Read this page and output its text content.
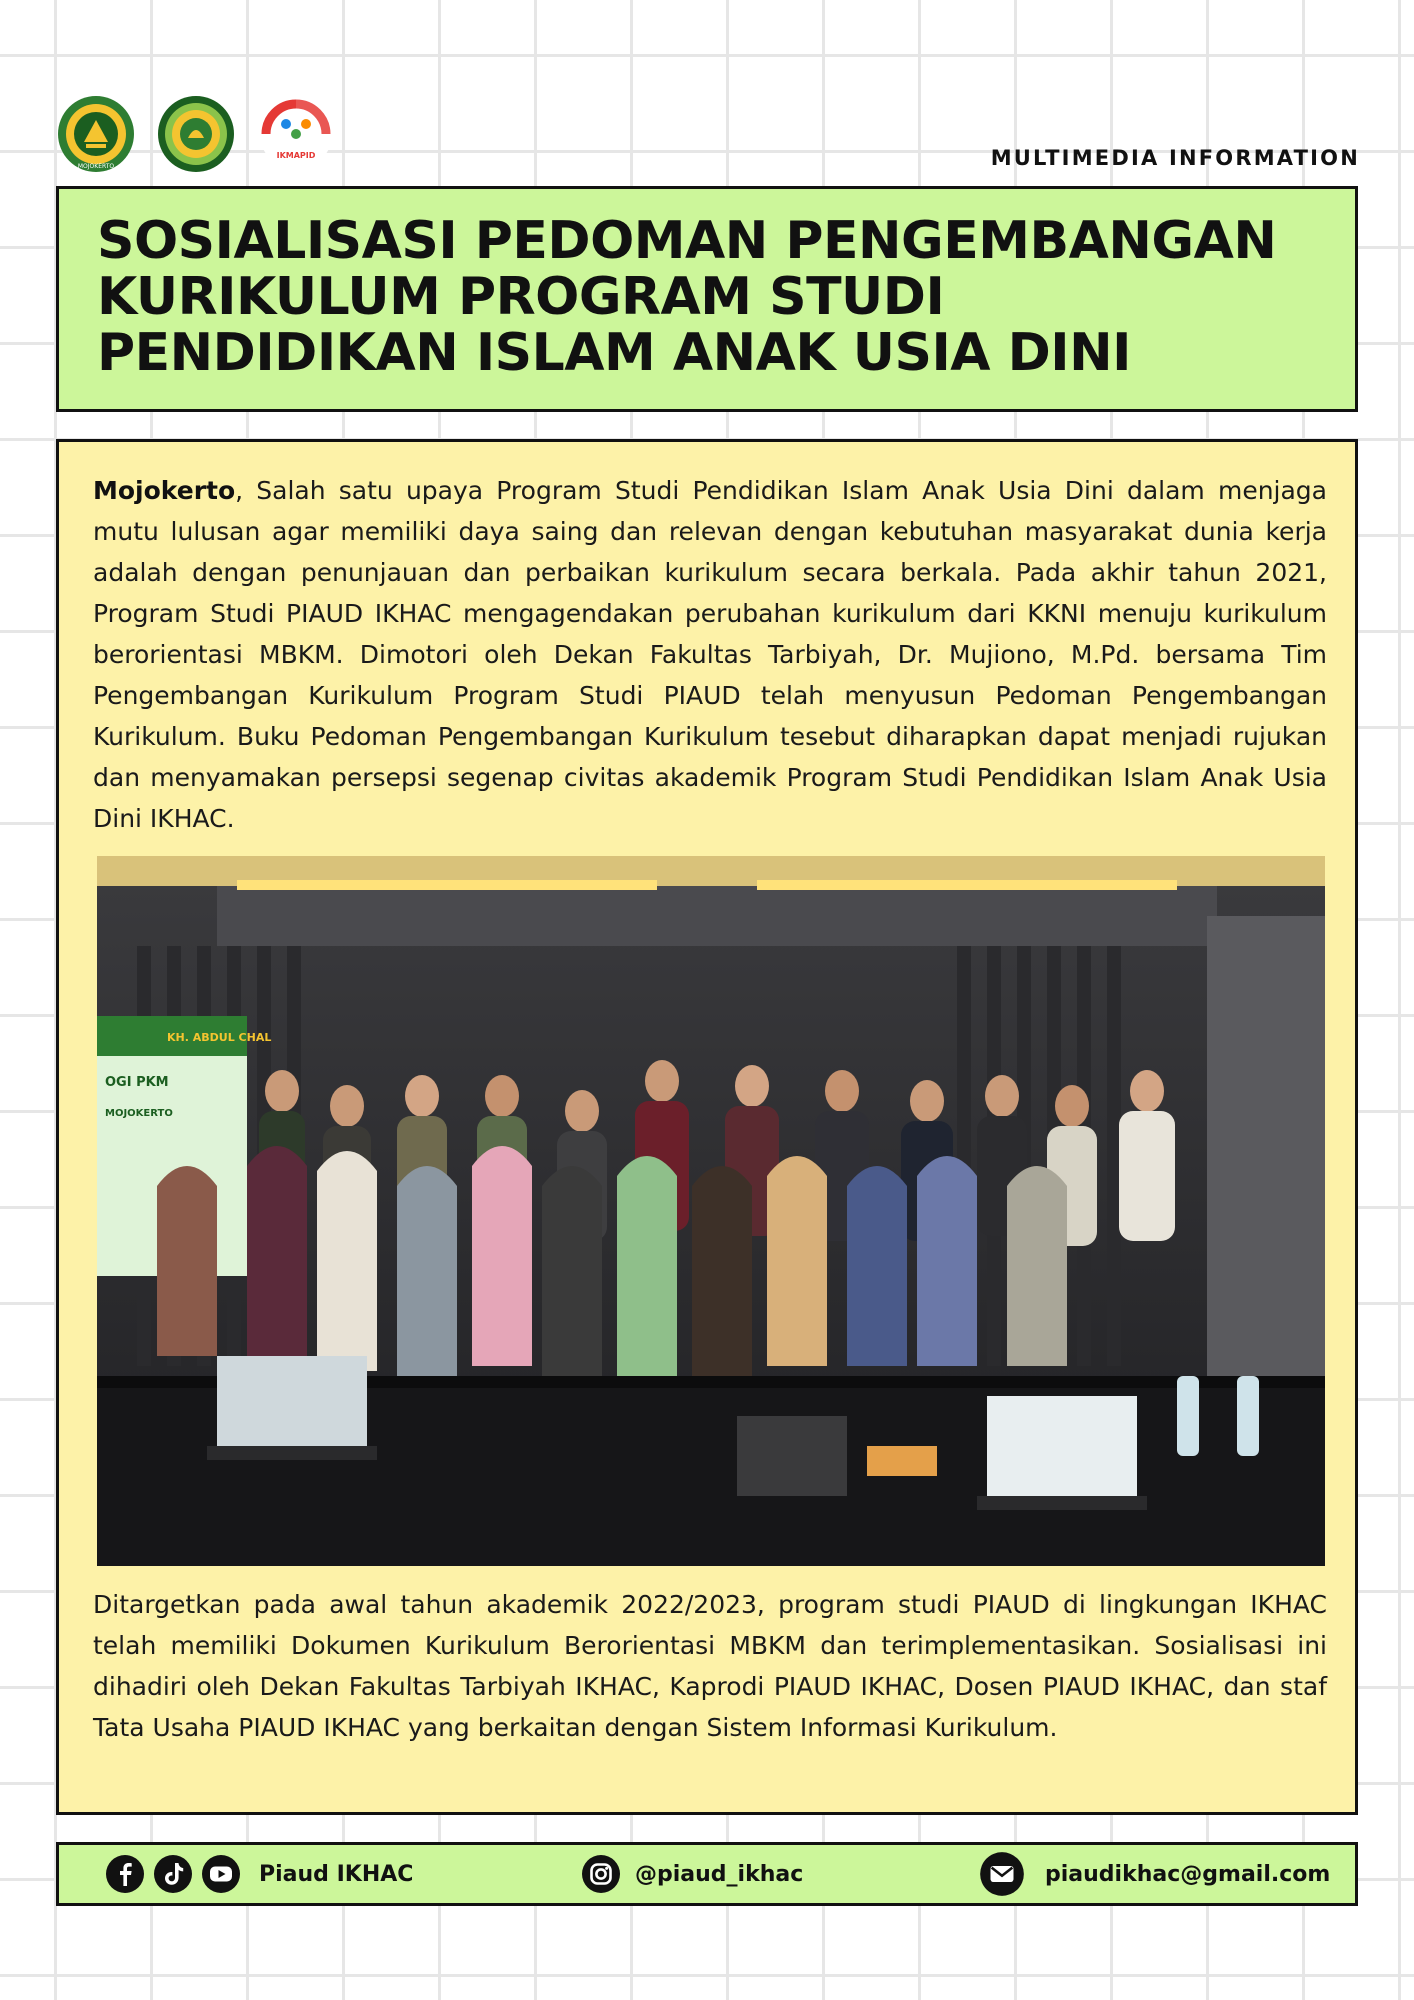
MOJOKERTO
IKMAPID	MULTIMEDIA INFORMATION
SOSIALISASI PEDOMAN PENGEMBANGAN
KURIKULUM PROGRAM STUDI
PENDIDIKAN ISLAM ANAK USIA DINI

Mojokerto, Salah satu upaya Program Studi Pendidikan Islam Anak Usia Dini dalam menjaga mutu lulusan agar memiliki daya saing dan relevan dengan kebutuhan masyarakat dunia kerja adalah dengan penunjauan dan perbaikan kurikulum secara berkala. Pada akhir tahun 2021, Program Studi PIAUD IKHAC mengagendakan perubahan kurikulum dari KKNI menuju kurikulum berorientasi MBKM. Dimotori oleh Dekan Fakultas Tarbiyah, Dr. Mujiono, M.Pd. bersama Tim Pengembangan Kurikulum Program Studi PIAUD telah menyusun Pedoman Pengembangan Kurikulum. Buku Pedoman Pengembangan Kurikulum tesebut diharapkan dapat menjadi rujukan dan menyamakan persepsi segenap civitas akademik Program Studi Pendidikan Islam Anak Usia Dini IKHAC.

OGI PKM
KH. ABDUL CHAL
MOJOKERTO

Ditargetkan pada awal tahun akademik 2022/2023, program studi PIAUD di lingkungan IKHAC telah memiliki Dokumen Kurikulum Berorientasi MBKM dan terimplementasikan. Sosialisasi ini dihadiri oleh Dekan Fakultas Tarbiyah IKHAC, Kaprodi PIAUD IKHAC, Dosen PIAUD IKHAC, dan staf Tata Usaha PIAUD IKHAC yang berkaitan dengan Sistem Informasi Kurikulum.

Piaud IKHAC	@piaud_ikhac	piaudikhac@gmail.com
